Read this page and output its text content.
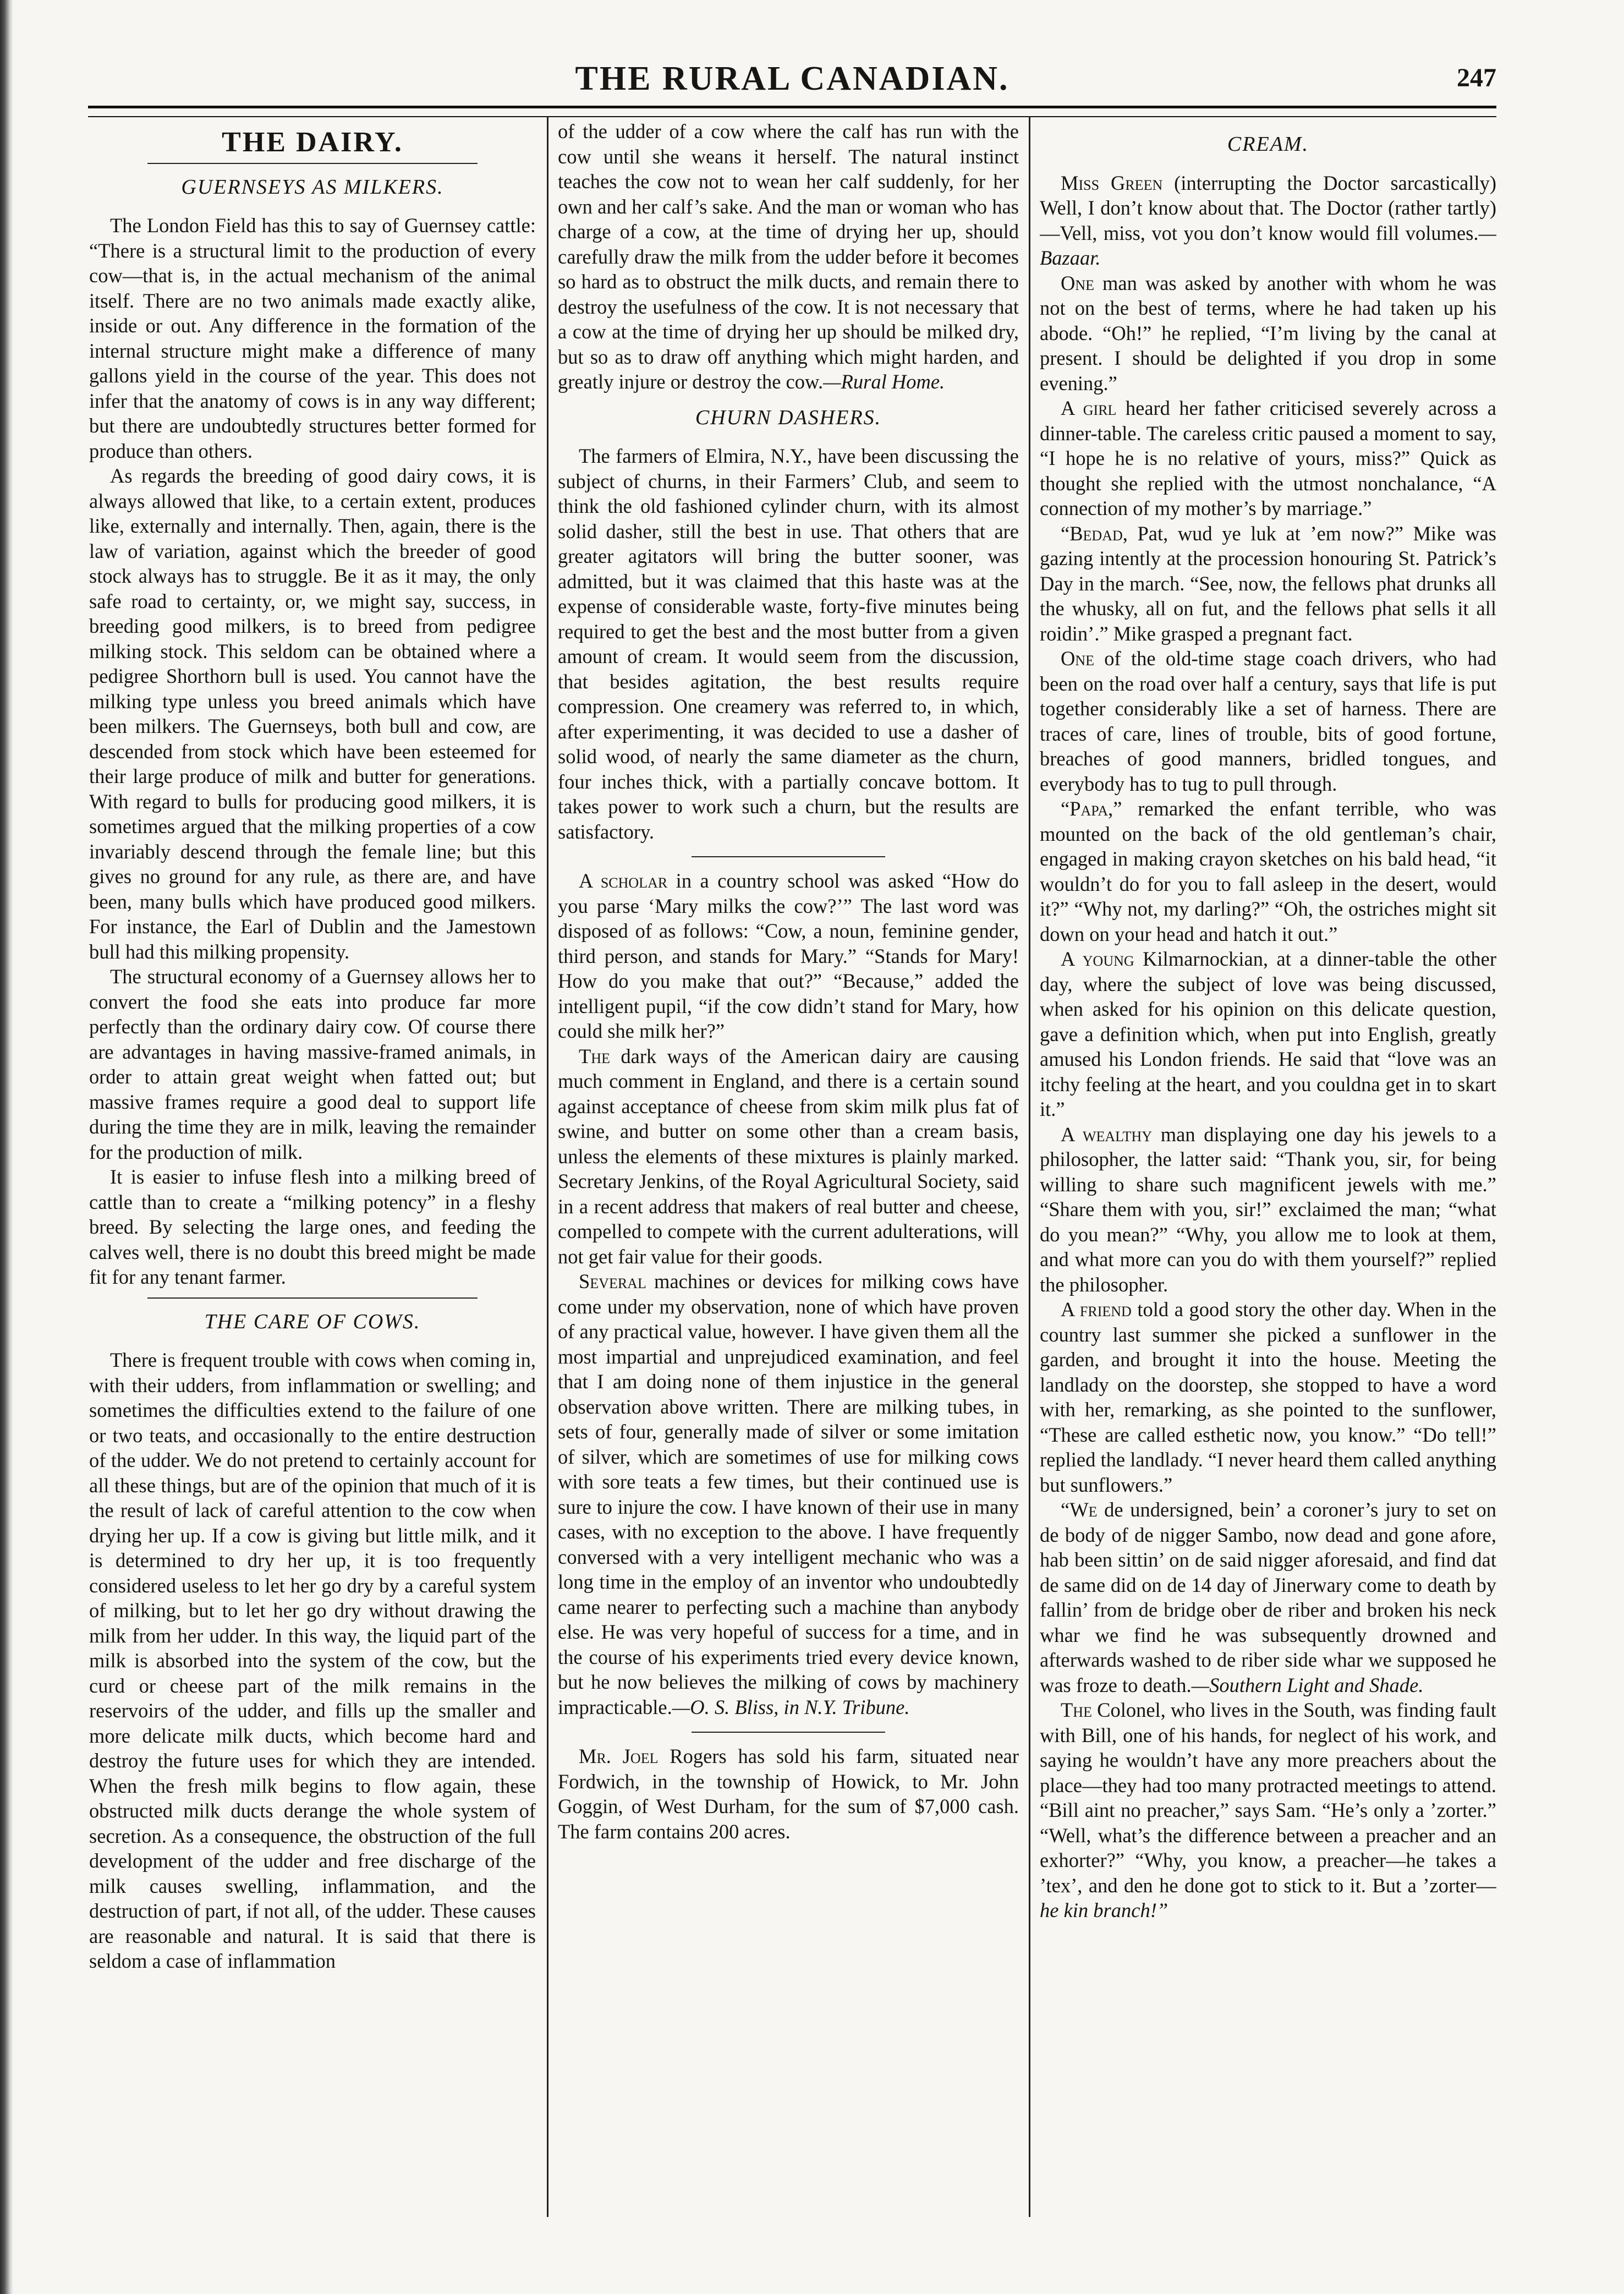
THE RURAL CANADIAN.	247
THE DAIRY.
GUERNSEYS AS MILKERS.

The London Field has this to say of Guernsey cattle: “There is a structural limit to the production of every cow—that is, in the actual mechanism of the animal itself. There are no two animals made exactly alike, inside or out. Any difference in the formation of the internal structure might make a difference of many gallons yield in the course of the year. This does not infer that the anatomy of cows is in any way different; but there are undoubtedly structures better formed for produce than others.

As regards the breeding of good dairy cows, it is always allowed that like, to a certain extent, produces like, externally and internally. Then, again, there is the law of variation, against which the breeder of good stock always has to struggle. Be it as it may, the only safe road to certainty, or, we might say, success, in breeding good milkers, is to breed from pedigree milking stock. This seldom can be obtained where a pedigree Shorthorn bull is used. You cannot have the milking type unless you breed animals which have been milkers. The Guernseys, both bull and cow, are descended from stock which have been esteemed for their large produce of milk and butter for generations. With regard to bulls for producing good milkers, it is sometimes argued that the milking properties of a cow invariably descend through the female line; but this gives no ground for any rule, as there are, and have been, many bulls which have produced good milkers. For instance, the Earl of Dublin and the Jamestown bull had this milking propensity.

The structural economy of a Guernsey allows her to convert the food she eats into produce far more perfectly than the ordinary dairy cow. Of course there are advantages in having massive-framed animals, in order to attain great weight when fatted out; but massive frames require a good deal to support life during the time they are in milk, leaving the remainder for the production of milk.

It is easier to infuse flesh into a milking breed of cattle than to create a “milking potency” in a fleshy breed. By selecting the large ones, and feeding the calves well, there is no doubt this breed might be made fit for any tenant farmer.

THE CARE OF COWS.

There is frequent trouble with cows when coming in, with their udders, from inflammation or swelling; and sometimes the difficulties extend to the failure of one or two teats, and occasionally to the entire destruction of the udder. We do not pretend to certainly account for all these things, but are of the opinion that much of it is the result of lack of careful attention to the cow when drying her up. If a cow is giving but little milk, and it is determined to dry her up, it is too frequently considered useless to let her go dry by a careful system of milking, but to let her go dry without drawing the milk from her udder. In this way, the liquid part of the milk is absorbed into the system of the cow, but the curd or cheese part of the milk remains in the reservoirs of the udder, and fills up the smaller and more delicate milk ducts, which become hard and destroy the future uses for which they are intended. When the fresh milk begins to flow again, these obstructed milk ducts derange the whole system of secretion. As a consequence, the obstruction of the full development of the udder and free discharge of the milk causes swelling, inflammation, and the destruction of part, if not all, of the udder. These causes are reasonable and natural. It is said that there is seldom a case of inflammation

of the udder of a cow where the calf has run with the cow until she weans it herself. The natural instinct teaches the cow not to wean her calf suddenly, for her own and her calf’s sake. And the man or woman who has charge of a cow, at the time of drying her up, should carefully draw the milk from the udder before it becomes so hard as to obstruct the milk ducts, and remain there to destroy the usefulness of the cow. It is not necessary that a cow at the time of drying her up should be milked dry, but so as to draw off anything which might harden, and greatly injure or destroy the cow.—Rural Home.

CHURN DASHERS.

The farmers of Elmira, N.Y., have been discussing the subject of churns, in their Farmers’ Club, and seem to think the old fashioned cylinder churn, with its almost solid dasher, still the best in use. That others that are greater agitators will bring the butter sooner, was admitted, but it was claimed that this haste was at the expense of considerable waste, forty-five minutes being required to get the best and the most butter from a given amount of cream. It would seem from the discussion, that besides agitation, the best results require compression. One creamery was referred to, in which, after experimenting, it was decided to use a dasher of solid wood, of nearly the same diameter as the churn, four inches thick, with a partially concave bottom. It takes power to work such a churn, but the results are satisfactory.

A scholar in a country school was asked “How do you parse ‘Mary milks the cow?’” The last word was disposed of as follows: “Cow, a noun, feminine gender, third person, and stands for Mary.” “Stands for Mary! How do you make that out?” “Because,” added the intelligent pupil, “if the cow didn’t stand for Mary, how could she milk her?”

The dark ways of the American dairy are causing much comment in England, and there is a certain sound against acceptance of cheese from skim milk plus fat of swine, and butter on some other than a cream basis, unless the elements of these mixtures is plainly marked. Secretary Jenkins, of the Royal Agricultural Society, said in a recent address that makers of real butter and cheese, compelled to compete with the current adulterations, will not get fair value for their goods.

Several machines or devices for milking cows have come under my observation, none of which have proven of any practical value, however. I have given them all the most impartial and unprejudiced examination, and feel that I am doing none of them injustice in the general observation above written. There are milking tubes, in sets of four, generally made of silver or some imitation of silver, which are sometimes of use for milking cows with sore teats a few times, but their continued use is sure to injure the cow. I have known of their use in many cases, with no exception to the above. I have frequently conversed with a very intelligent mechanic who was a long time in the employ of an inventor who undoubtedly came nearer to perfecting such a machine than anybody else. He was very hopeful of success for a time, and in the course of his experiments tried every device known, but he now believes the milking of cows by machinery impracticable.—O. S. Bliss, in N.Y. Tribune.

Mr. Joel Rogers has sold his farm, situated near Fordwich, in the township of Howick, to Mr. John Goggin, of West Durham, for the sum of $7,000 cash. The farm contains 200 acres.

CREAM.

Miss Green (interrupting the Doctor sarcastically) Well, I don’t know about that. The Doctor (rather tartly)—Vell, miss, vot you don’t know would fill volumes.—Bazaar.

One man was asked by another with whom he was not on the best of terms, where he had taken up his abode. “Oh!” he replied, “I’m living by the canal at present. I should be delighted if you drop in some evening.”

A girl heard her father criticised severely across a dinner-table. The careless critic paused a moment to say, “I hope he is no relative of yours, miss?” Quick as thought she replied with the utmost nonchalance, “A connection of my mother’s by marriage.”

“Bedad, Pat, wud ye luk at ’em now?” Mike was gazing intently at the procession honouring St. Patrick’s Day in the march. “See, now, the fellows phat drunks all the whusky, all on fut, and the fellows phat sells it all roidin’.” Mike grasped a pregnant fact.

One of the old-time stage coach drivers, who had been on the road over half a century, says that life is put together considerably like a set of harness. There are traces of care, lines of trouble, bits of good fortune, breaches of good manners, bridled tongues, and everybody has to tug to pull through.

“Papa,” remarked the enfant terrible, who was mounted on the back of the old gentleman’s chair, engaged in making crayon sketches on his bald head, “it wouldn’t do for you to fall asleep in the desert, would it?” “Why not, my darling?” “Oh, the ostriches might sit down on your head and hatch it out.”

A young Kilmarnockian, at a dinner-table the other day, where the subject of love was being discussed, when asked for his opinion on this delicate question, gave a definition which, when put into English, greatly amused his London friends. He said that “love was an itchy feeling at the heart, and you couldna get in to skart it.”

A wealthy man displaying one day his jewels to a philosopher, the latter said: “Thank you, sir, for being willing to share such magnificent jewels with me.” “Share them with you, sir!” exclaimed the man; “what do you mean?” “Why, you allow me to look at them, and what more can you do with them yourself?” replied the philosopher.

A friend told a good story the other day. When in the country last summer she picked a sunflower in the garden, and brought it into the house. Meeting the landlady on the doorstep, she stopped to have a word with her, remarking, as she pointed to the sunflower, “These are called esthetic now, you know.” “Do tell!” replied the landlady. “I never heard them called anything but sunflowers.”

“We de undersigned, bein’ a coroner’s jury to set on de body of de nigger Sambo, now dead and gone afore, hab been sittin’ on de said nigger aforesaid, and find dat de same did on de 14 day of Jinerwary come to death by fallin’ from de bridge ober de riber and broken his neck whar we find he was subsequently drowned and afterwards washed to de riber side whar we supposed he was froze to death.—Southern Light and Shade.

The Colonel, who lives in the South, was finding fault with Bill, one of his hands, for neglect of his work, and saying he wouldn’t have any more preachers about the place—they had too many protracted meetings to attend. “Bill aint no preacher,” says Sam. “He’s only a ’zorter.” “Well, what’s the difference between a preacher and an exhorter?” “Why, you know, a preacher—he takes a ’tex’, and den he done got to stick to it. But a ’zorter—he kin branch!”
